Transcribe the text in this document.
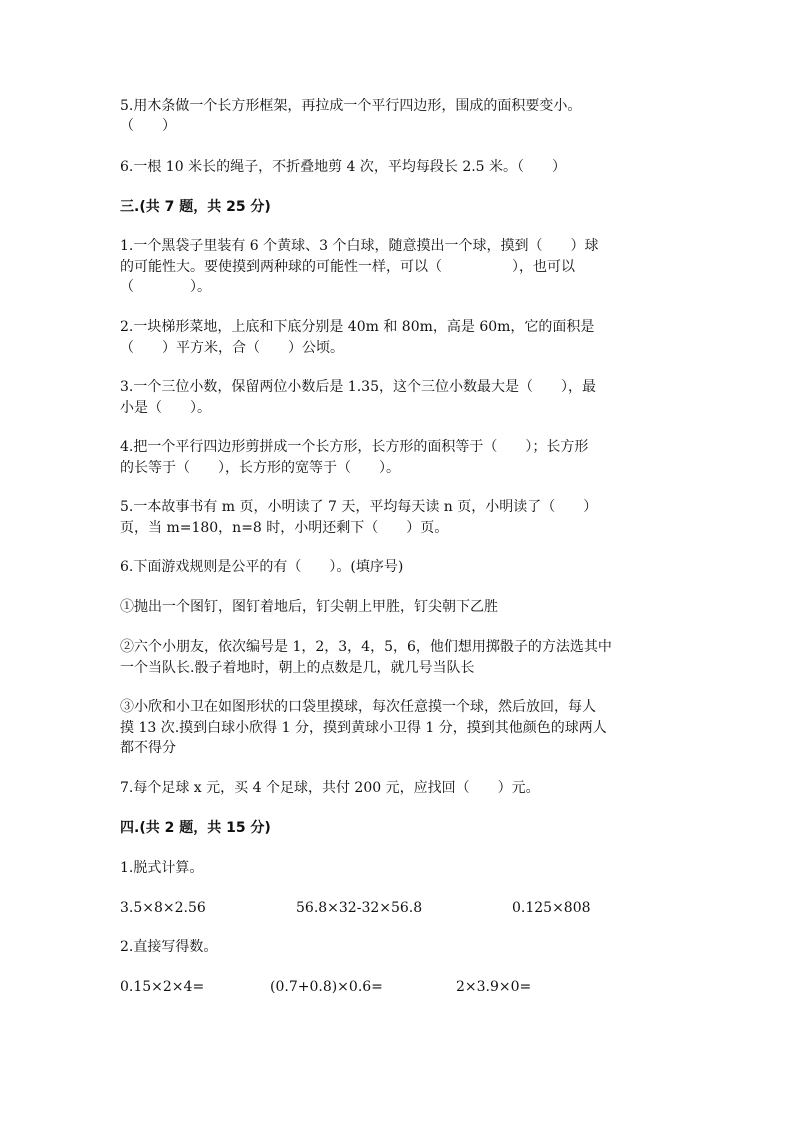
5.用木条做一个长方形框架，再拉成一个平行四边形，围成的面积要变小。
（　　）
6.一根 10 米长的绳子，不折叠地剪 4 次，平均每段长 2.5 米。（　　）
三.(共 7 题，共 25 分)
1.一个黑袋子里装有 6 个黄球、3 个白球，随意摸出一个球，摸到（　　）球
的可能性大。要使摸到两种球的可能性一样，可以（　　　　　），也可以
（　　　　）。
2.一块梯形菜地，上底和下底分别是 40m 和 80m，高是 60m，它的面积是
（　　）平方米，合（　　）公顷。
3.一个三位小数，保留两位小数后是 1.35，这个三位小数最大是（　　），最
小是（　　）。
4.把一个平行四边形剪拼成一个长方形，长方形的面积等于（　　）；长方形
的长等于（　　），长方形的宽等于（　　）。
5.一本故事书有 m 页，小明读了 7 天，平均每天读 n 页，小明读了（　　）
页，当 m=180，n=8 时，小明还剩下（　　）页。
6.下面游戏规则是公平的有（　　）。(填序号)
①抛出一个图钉，图钉着地后，钉尖朝上甲胜，钉尖朝下乙胜
②六个小朋友，依次编号是 1，2，3，4，5，6，他们想用掷骰子的方法选其中
一个当队长.骰子着地时，朝上的点数是几，就几号当队长
③小欣和小卫在如图形状的口袋里摸球，每次任意摸一个球，然后放回，每人
摸 13 次.摸到白球小欣得 1 分，摸到黄球小卫得 1 分，摸到其他颜色的球两人
都不得分
7.每个足球 x 元，买 4 个足球，共付 200 元，应找回（　　）元。
四.(共 2 题，共 15 分)
1.脱式计算。
3.5×8×2.56	56.8×32-32×56.8	0.125×808
2.直接写得数。
0.15×2×4=	(0.7+0.8)×0.6=	2×3.9×0=
